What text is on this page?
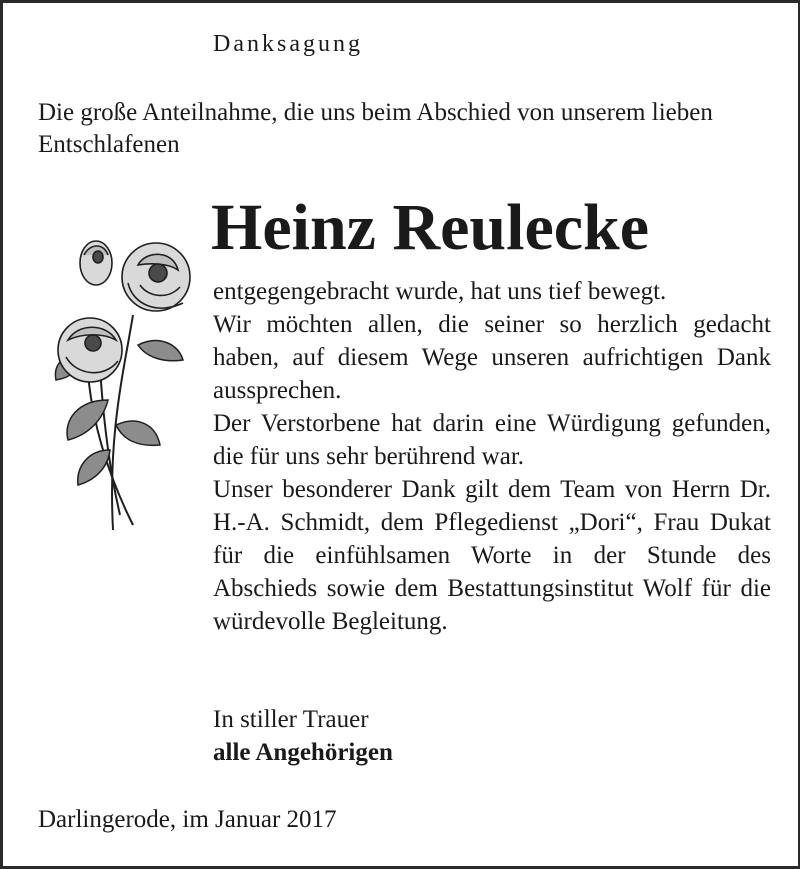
Danksagung

Die große Anteilnahme, die uns beim Abschied von unserem lieben Entschlafenen

Heinz Reulecke
entgegengebracht wurde, hat uns tief bewegt.
Wir möchten allen, die seiner so herzlich gedacht haben, auf diesem Wege unseren aufrichtigen Dank aussprechen.
Der Verstorbene hat darin eine Würdigung gefunden, die für uns sehr berührend war.
Unser besonderer Dank gilt dem Team von Herrn Dr. H.-A. Schmidt, dem Pflegedienst „Dori“, Frau Dukat für die einfühlsamen Worte in der Stunde des Abschieds sowie dem Bestattungsinstitut Wolf für die würdevolle Begleitung.
In stiller Trauer
alle Angehörigen
Darlingerode, im Januar 2017
